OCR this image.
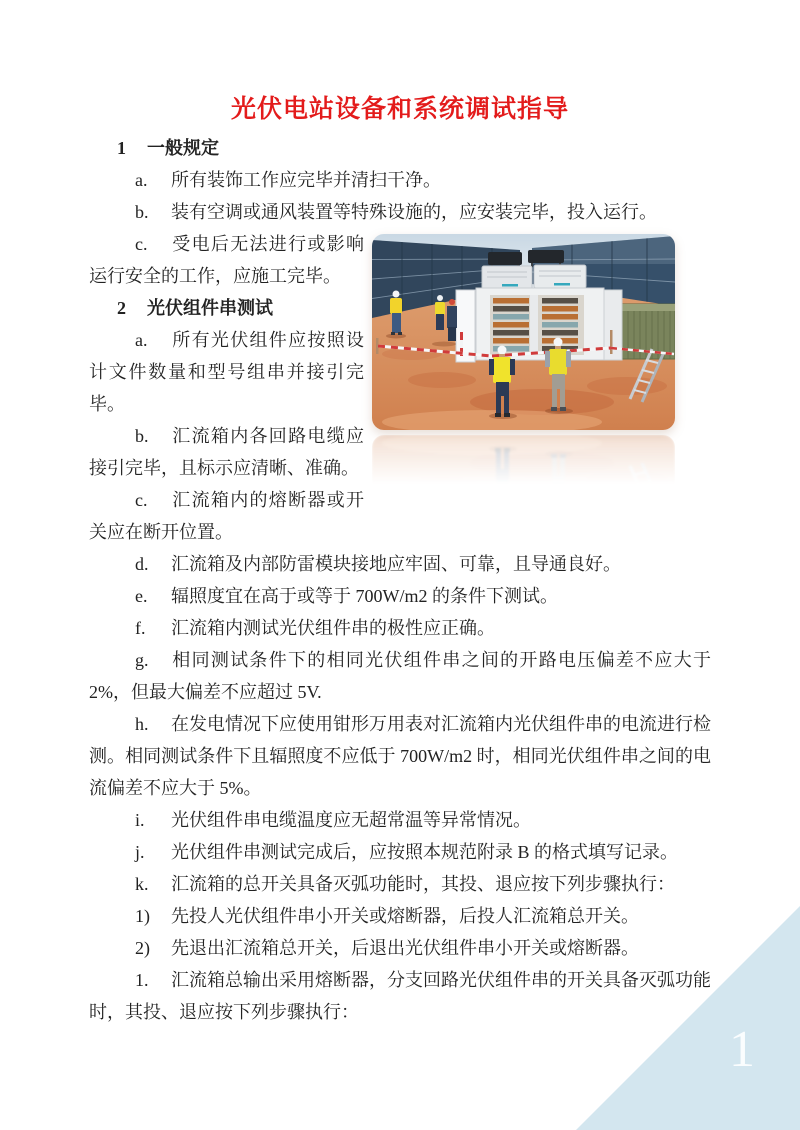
光伏电站设备和系统调试指导
1 一般规定

a. 所有装饰工作应完毕并清扫干净。

b. 装有空调或通风装置等特殊设施的，应安装完毕，投入运行。

c. 受电后无法进行或影响运行安全的工作，应施工完毕。

2 光伏组件串测试

a. 所有光伏组件应按照设计文件数量和型号组串并接引完毕。

b. 汇流箱内各回路电缆应接引完毕，且标示应清晰、准确。

c. 汇流箱内的熔断器或开关应在断开位置。

d. 汇流箱及内部防雷模块接地应牢固、可靠，且导通良好。

e. 辐照度宜在高于或等于 700W/m2 的条件下测试。

f. 汇流箱内测试光伏组件串的极性应正确。

g. 相同测试条件下的相同光伏组件串之间的开路电压偏差不应大于 2%，但最大偏差不应超过 5V.

h. 在发电情况下应使用钳形万用表对汇流箱内光伏组件串的电流进行检测。相同测试条件下且辐照度不应低于 700W/m2 时，相同光伏组件串之间的电流偏差不应大于 5%。

i. 光伏组件串电缆温度应无超常温等异常情况。

j. 光伏组件串测试完成后，应按照本规范附录 B 的格式填写记录。

k. 汇流箱的总开关具备灭弧功能时，其投、退应按下列步骤执行：

1) 先投人光伏组件串小开关或熔断器，后投人汇流箱总开关。

2) 先退出汇流箱总开关，后退出光伏组件串小开关或熔断器。

1. 汇流箱总输出采用熔断器，分支回路光伏组件串的开关具备灭弧功能时，其投、退应按下列步骤执行：

1
